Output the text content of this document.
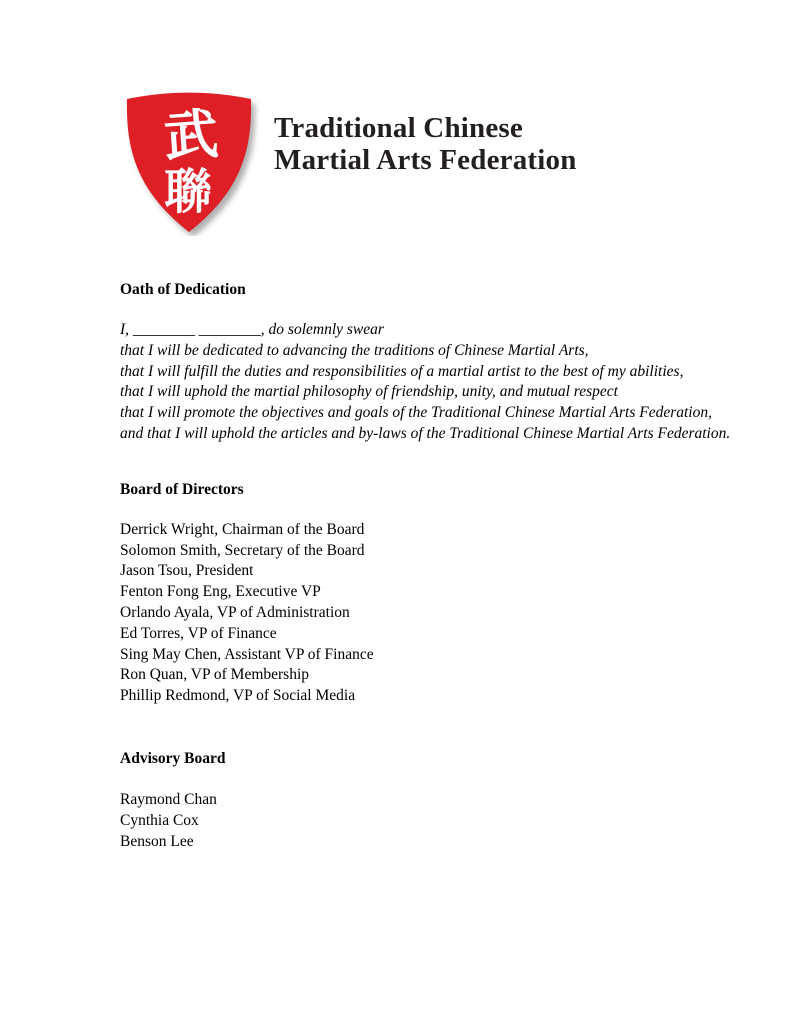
武
聯
Traditional Chinese
Martial Arts Federation
Oath of Dedication
I, ________ ________, do solemnly swear
that I will be dedicated to advancing the traditions of Chinese Martial Arts,
that I will fulfill the duties and responsibilities of a martial artist to the best of my abilities,
that I will uphold the martial philosophy of friendship, unity, and mutual respect
that I will promote the objectives and goals of the Traditional Chinese Martial Arts Federation,
and that I will uphold the articles and by-laws of the Traditional Chinese Martial Arts Federation.
Board of Directors
Derrick Wright, Chairman of the Board
Solomon Smith, Secretary of the Board
Jason Tsou, President
Fenton Fong Eng, Executive VP
Orlando Ayala, VP of Administration
Ed Torres, VP of Finance
Sing May Chen, Assistant VP of Finance
Ron Quan, VP of Membership
Phillip Redmond, VP of Social Media
Advisory Board
Raymond Chan
Cynthia Cox
Benson Lee
